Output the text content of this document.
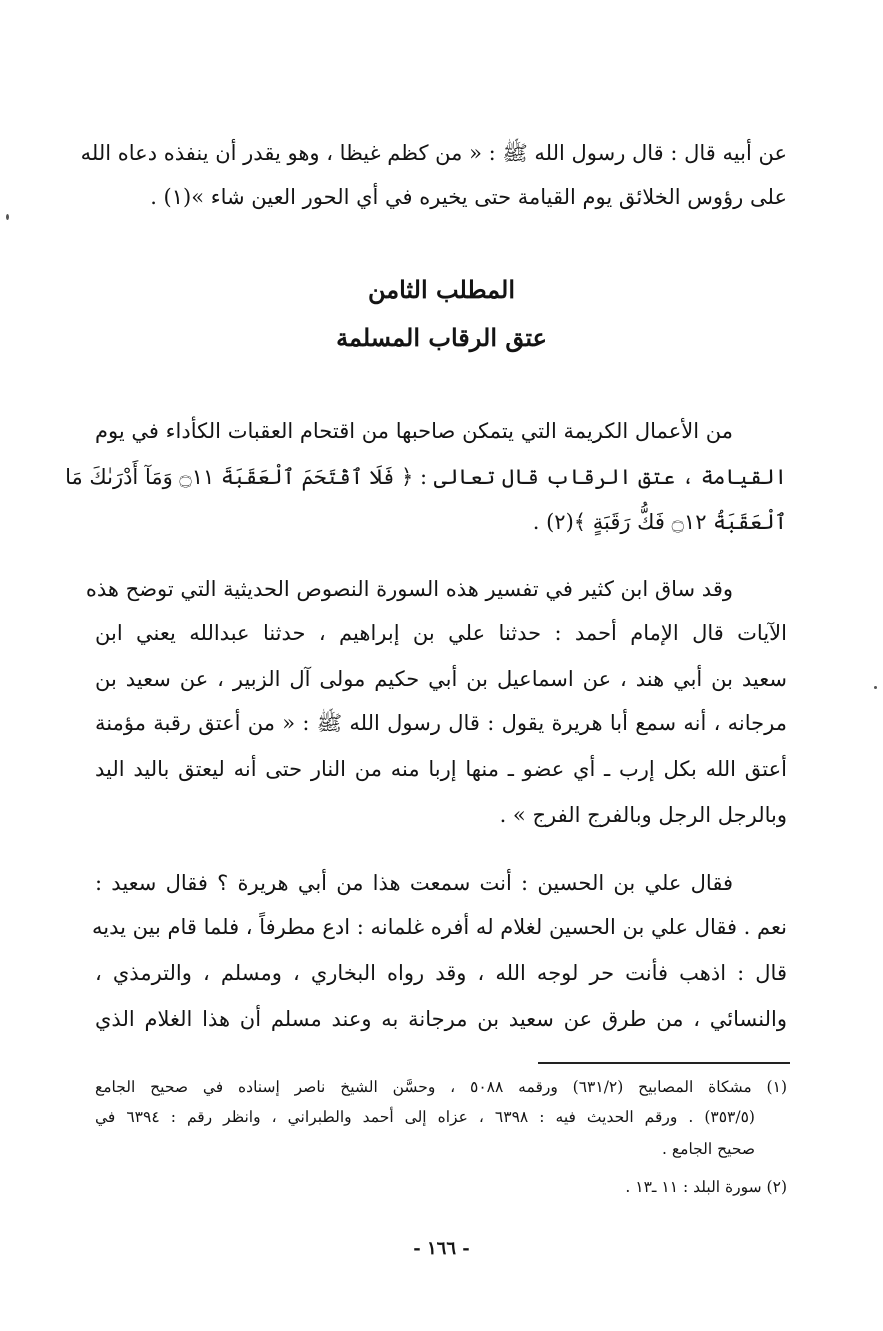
عن أبيه قال : قال رسول الله ﷺ : « من كظم غيظا ، وهو يقدر أن ينفذه دعاه الله
على رؤوس الخلائق يوم القيامة حتى يخيره في أي الحور العين شاء »(١) .
المطلب الثامن
عتق الرقاب المسلمة
من الأعمال الكريمة التي يتمكن صاحبها من اقتحام العقبات الكأداء في يوم
القيامة ، عتق الرقاب قال تعالى : ﴿ فَلَا ٱقْتَحَمَ ٱلْعَقَبَةَ ۝١١ وَمَآ أَدْرَىٰكَ مَا
ٱلْعَقَبَةُ ۝١٢ فَكُّ رَقَبَةٍ ﴾(٢) .
وقد ساق ابن كثير في تفسير هذه السورة النصوص الحديثية التي توضح هذه
الآيات قال الإمام أحمد : حدثنا علي بن إبراهيم ، حدثنا عبدالله يعني ابن
سعيد بن أبي هند ، عن اسماعيل بن أبي حكيم مولى آل الزبير ، عن سعيد بن
مرجانه ، أنه سمع أبا هريرة يقول : قال رسول الله ﷺ : « من أعتق رقبة مؤمنة
أعتق الله بكل إرب ـ أي عضو ـ منها إربا منه من النار حتى أنه ليعتق باليد اليد
وبالرجل الرجل وبالفرج الفرج » .
فقال علي بن الحسين : أنت سمعت هذا من أبي هريرة ؟ فقال سعيد :
نعم . فقال علي بن الحسين لغلام له أفره غلمانه : ادع مطرفاً ، فلما قام بين يديه
قال : اذهب فأنت حر لوجه الله ، وقد رواه البخاري ، ومسلم ، والترمذي ،
والنسائي ، من طرق عن سعيد بن مرجانة به وعند مسلم أن هذا الغلام الذي
(١) مشكاة المصابيح (٦٣١/٢) ورقمه ٥٠٨٨ ، وحسَّن الشيخ ناصر إسناده في صحيح الجامع
(٣٥٣/٥) . ورقم الحديث فيه : ٦٣٩٨ ، عزاه إلى أحمد والطبراني ، وانظر رقم : ٦٣٩٤ في
صحيح الجامع .
(٢) سورة البلد : ١١ ـ١٣ .
- ١٦٦ -
